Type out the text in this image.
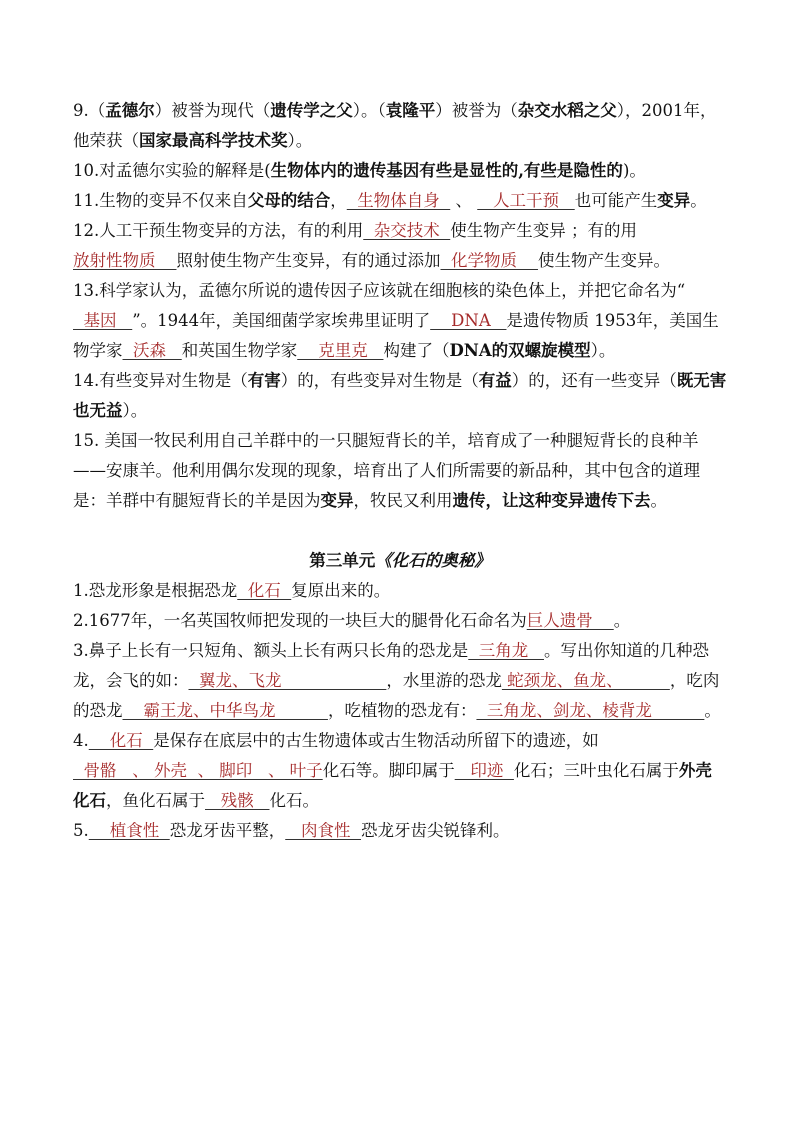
9.（孟德尔）被誉为现代（遗传学之父）。（袁隆平）被誉为（杂交水稻之父），2001年，他荣获（国家最高科学技术奖）。

10.对孟德尔实验的解释是(生物体内的遗传基因有些是显性的,有些是隐性的)。

11.生物的变异不仅来自父母的结合，  生物体自身   、    人工干预   也可能产生变异。

12.人工干预生物变异的方法，有的利用  杂交技术  使生物产生变异 ；有的用放射性物质    照射使生物产生变异，有的通过添加  化学物质    使生物产生变异。

13.科学家认为，孟德尔所说的遗传因子应该就在细胞核的染色体上，并把它命名为“  基因   ”。1944年，美国细菌学家埃弗里证明了    DNA   是遗传物质 1953年，美国生物学家  沃森   和英国生物学家    克里克   构建了（DNA的双螺旋模型）。

14.有些变异对生物是（有害）的，有些变异对生物是（有益）的，还有一些变异（既无害也无益）。

15. 美国一牧民利用自己羊群中的一只腿短背长的羊，培育成了一种腿短背长的良种羊——安康羊。他利用偶尔发现的现象，培育出了人们所需要的新品种，其中包含的道理是：羊群中有腿短背长的羊是因为变异，牧民又利用遗传，让这种变异遗传下去。

第三单元《化石的奥秘》

1.恐龙形象是根据恐龙  化石  复原出来的。

2.1677年，一名英国牧师把发现的一块巨大的腿骨化石命名为巨人遗骨    。

3.鼻子上长有一只短角、额头上长有两只长角的恐龙是  三角龙   。写出你知道的几种恐龙，会飞的如：  翼龙、飞龙                    ，水里游的恐龙 蛇颈龙、鱼龙、         ，吃肉的恐龙    霸王龙、中华鸟龙          ，吃植物的恐龙有：  三角龙、剑龙、棱背龙          。

4.    化石  是保存在底层中的古生物遗体或古生物活动所留下的遗迹，如  骨骼   、 外壳  、 脚印   、 叶子化石等。脚印属于   印迹  化石；三叶虫化石属于外壳化石，鱼化石属于   残骸   化石。

5.    植食性  恐龙牙齿平整，   肉食性  恐龙牙齿尖锐锋利。
